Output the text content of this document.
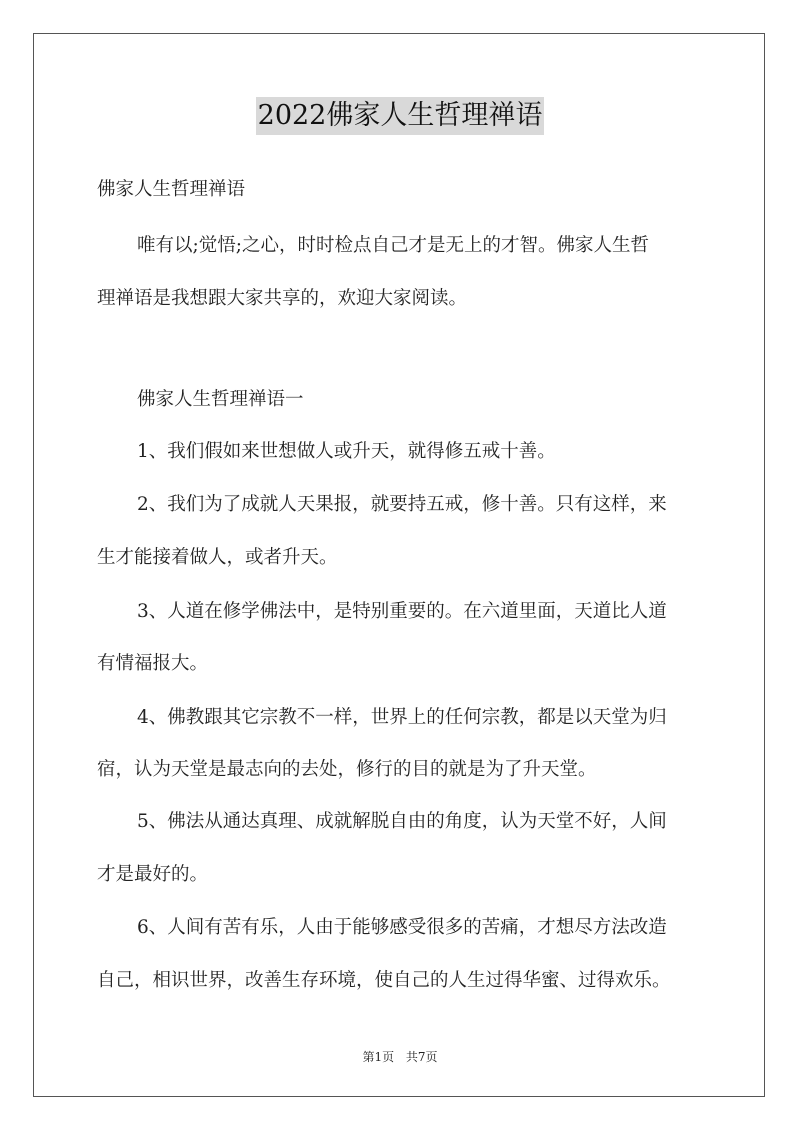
2022佛家人生哲理禅语
佛家人生哲理禅语
唯有以;觉悟;之心，时时检点自己才是无上的才智。佛家人生哲
理禅语是我想跟大家共享的，欢迎大家阅读。
佛家人生哲理禅语一
1、我们假如来世想做人或升天，就得修五戒十善。
2、我们为了成就人天果报，就要持五戒，修十善。只有这样，来
生才能接着做人，或者升天。
3、人道在修学佛法中，是特别重要的。在六道里面，天道比人道
有情福报大。
4、佛教跟其它宗教不一样，世界上的任何宗教，都是以天堂为归
宿，认为天堂是最志向的去处，修行的目的就是为了升天堂。
5、佛法从通达真理、成就解脱自由的角度，认为天堂不好，人间
才是最好的。
6、人间有苦有乐，人由于能够感受很多的苦痛，才想尽方法改造
自己，相识世界，改善生存环境，使自己的人生过得华蜜、过得欢乐。
第1页 共7页
